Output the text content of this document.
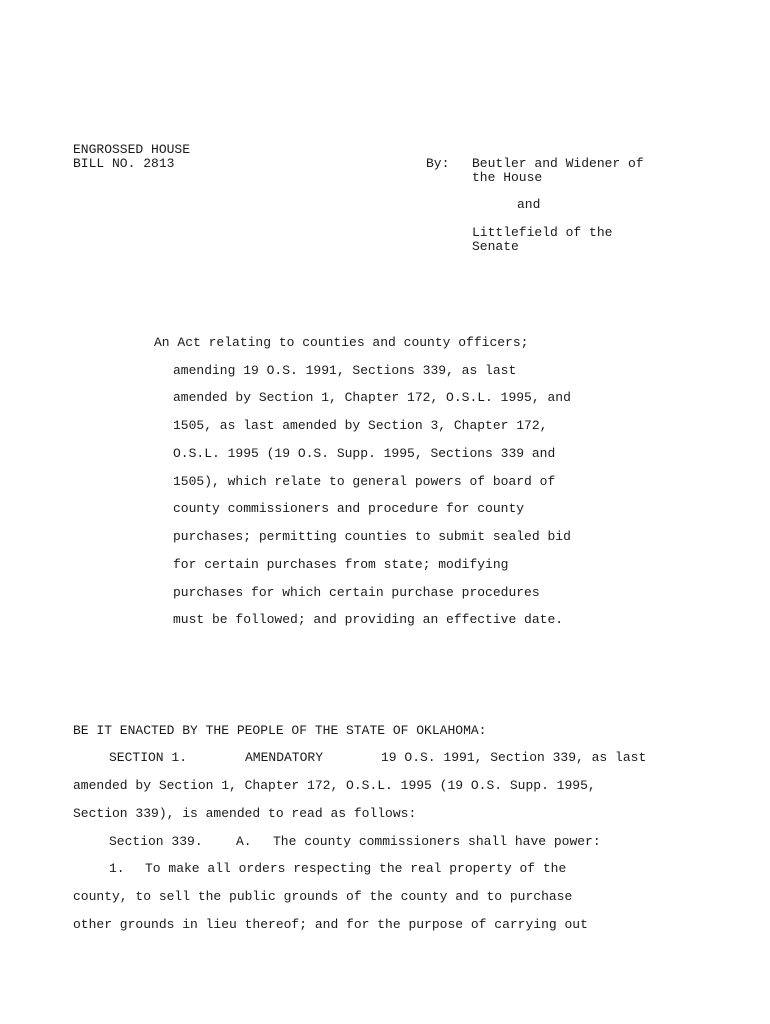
ENGROSSED HOUSE
BILL NO. 2813	By: Beutler and Widener of
the House
and
Littlefield of the
Senate
An Act relating to counties and county officers;
amending 19 O.S. 1991, Sections 339, as last
amended by Section 1, Chapter 172, O.S.L. 1995, and
1505, as last amended by Section 3, Chapter 172,
O.S.L. 1995 (19 O.S. Supp. 1995, Sections 339 and
1505), which relate to general powers of board of
county commissioners and procedure for county
purchases; permitting counties to submit sealed bid
for certain purchases from state; modifying
purchases for which certain purchase procedures
must be followed; and providing an effective date.
BE IT ENACTED BY THE PEOPLE OF THE STATE OF OKLAHOMA:
SECTION 1.	AMENDATORY	19 O.S. 1991, Section 339, as last
amended by Section 1, Chapter 172, O.S.L. 1995 (19 O.S. Supp. 1995,
Section 339), is amended to read as follows:
Section 339.	A. The county commissioners shall have power:
1. To make all orders respecting the real property of the
county, to sell the public grounds of the county and to purchase
other grounds in lieu thereof; and for the purpose of carrying out
